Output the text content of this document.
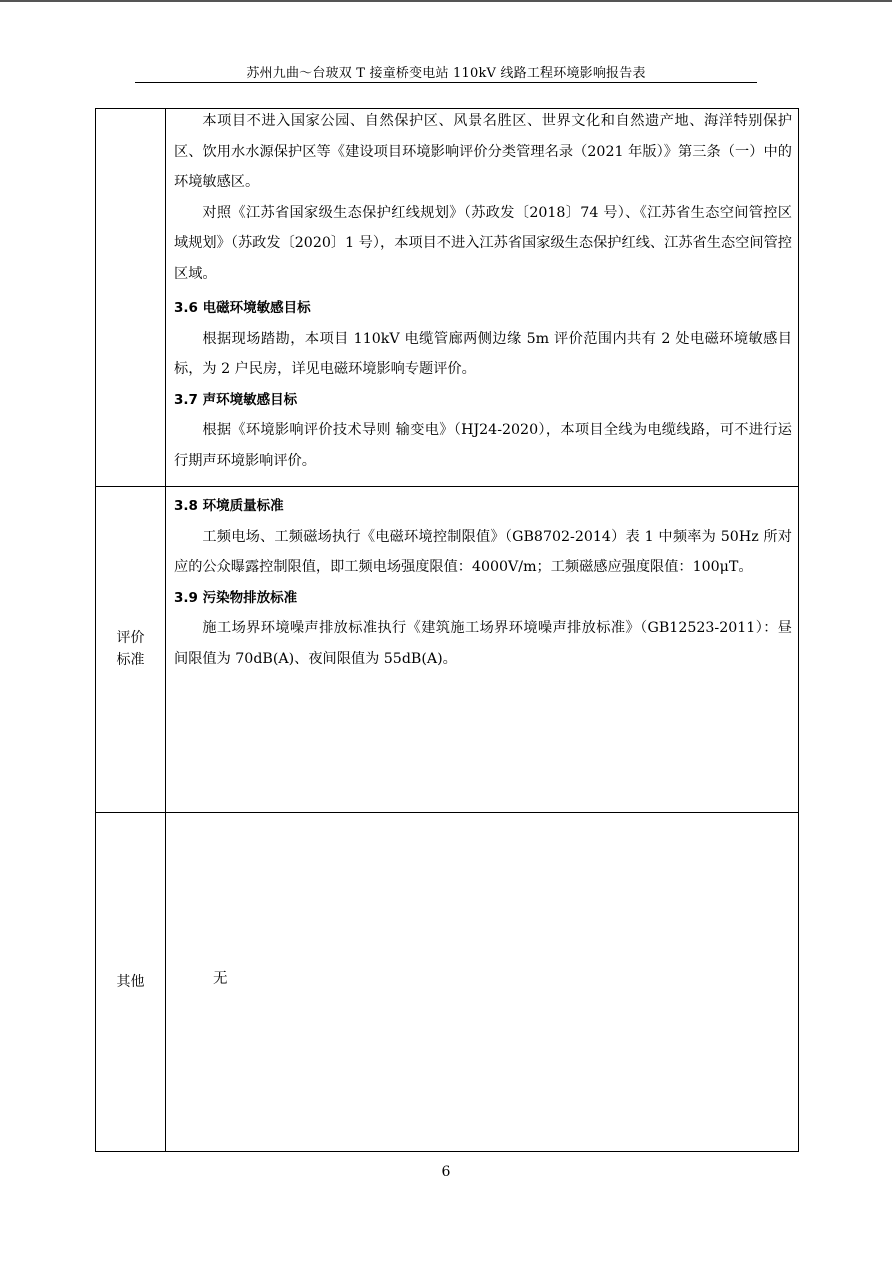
苏州九曲～台玻双 T 接童桥变电站 110kV 线路工程环境影响报告表

本项目不进入国家公园、自然保护区、风景名胜区、世界文化和自然遗产地、海洋特别保护区、饮用水水源保护区等《建设项目环境影响评价分类管理名录（2021 年版）》第三条（一）中的环境敏感区。

对照《江苏省国家级生态保护红线规划》（苏政发〔2018〕74 号）、《江苏省生态空间管控区域规划》（苏政发〔2020〕1 号），本项目不进入江苏省国家级生态保护红线、江苏省生态空间管控区域。

3.6 电磁环境敏感目标

根据现场踏勘，本项目 110kV 电缆管廊两侧边缘 5m 评价范围内共有 2 处电磁环境敏感目标，为 2 户民房，详见电磁环境影响专题评价。

3.7 声环境敏感目标

根据《环境影响评价技术导则 输变电》（HJ24-2020），本项目全线为电缆线路，可不进行运行期声环境影响评价。

评价
标准
3.8 环境质量标准

工频电场、工频磁场执行《电磁环境控制限值》（GB8702-2014）表 1 中频率为 50Hz 所对应的公众曝露控制限值，即工频电场强度限值：4000V/m；工频磁感应强度限值：100μT。

3.9 污染物排放标准

施工场界环境噪声排放标准执行《建筑施工场界环境噪声排放标准》（GB12523-2011）：昼间限值为 70dB(A)、夜间限值为 55dB(A)。

其他	无
6
